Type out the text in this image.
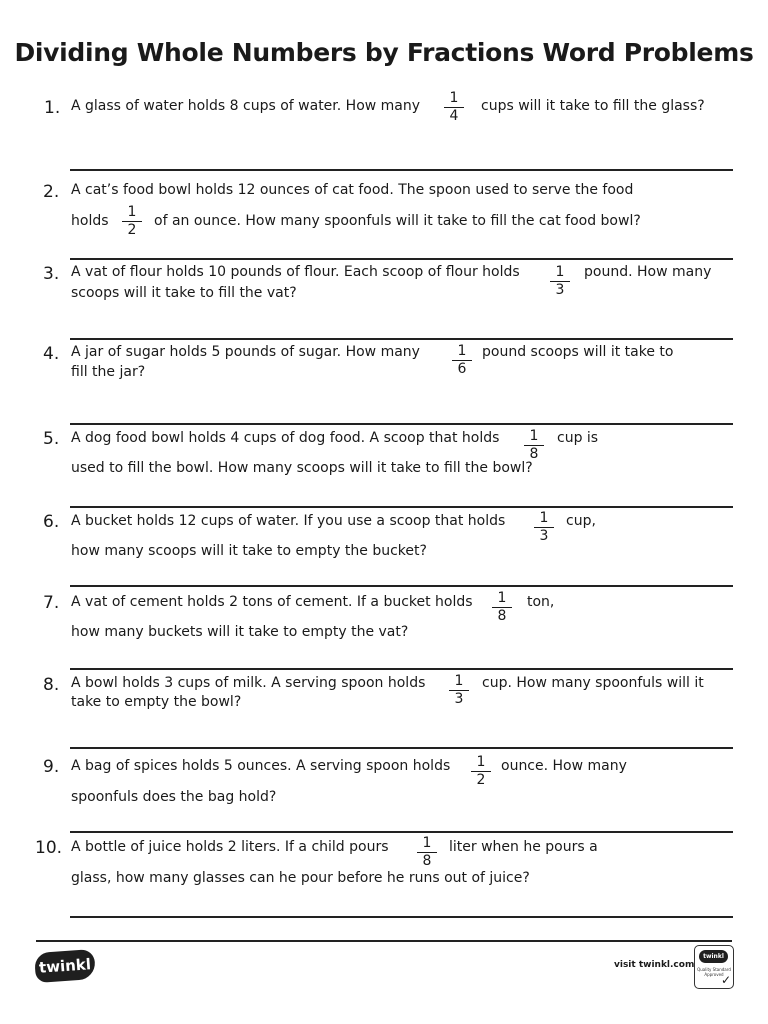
Dividing Whole Numbers by Fractions Word Problems
1. A glass of water holds 8 cups of water. How many	1
4
cups will it take to fill the glass?
2. A cat’s food bowl holds 12 ounces of cat food. The spoon used to serve the food
holds
1
2
of an ounce. How many spoonfuls will it take to fill the cat food bowl?
3. A vat of flour holds 10 pounds of flour. Each scoop of flour holds	1
3
pound. How many
scoops will it take to fill the vat?
4. A jar of sugar holds 5 pounds of sugar. How many	1
6
pound scoops will it take to
fill the jar?
5. A dog food bowl holds 4 cups of dog food. A scoop that holds	1
8
cup is
used to fill the bowl. How many scoops will it take to fill the bowl?
6. A bucket holds 12 cups of water. If you use a scoop that holds	1
3
cup,
how many scoops will it take to empty the bucket?
7. A vat of cement holds 2 tons of cement. If a bucket holds	1
8
ton,
how many buckets will it take to empty the vat?
8. A bowl holds 3 cups of milk. A serving spoon holds	1
3
cup. How many spoonfuls will it
take to empty the bowl?
9. A bag of spices holds 5 ounces. A serving spoon holds	1
2
ounce. How many
spoonfuls does the bag hold?
10. A bottle of juice holds 2 liters. If a child pours	1
8
liter when he pours a
glass, how many glasses can he pour before he runs out of juice?
twinkl	visit twinkl.com
twinkl
Quality Standard Approved
✓
